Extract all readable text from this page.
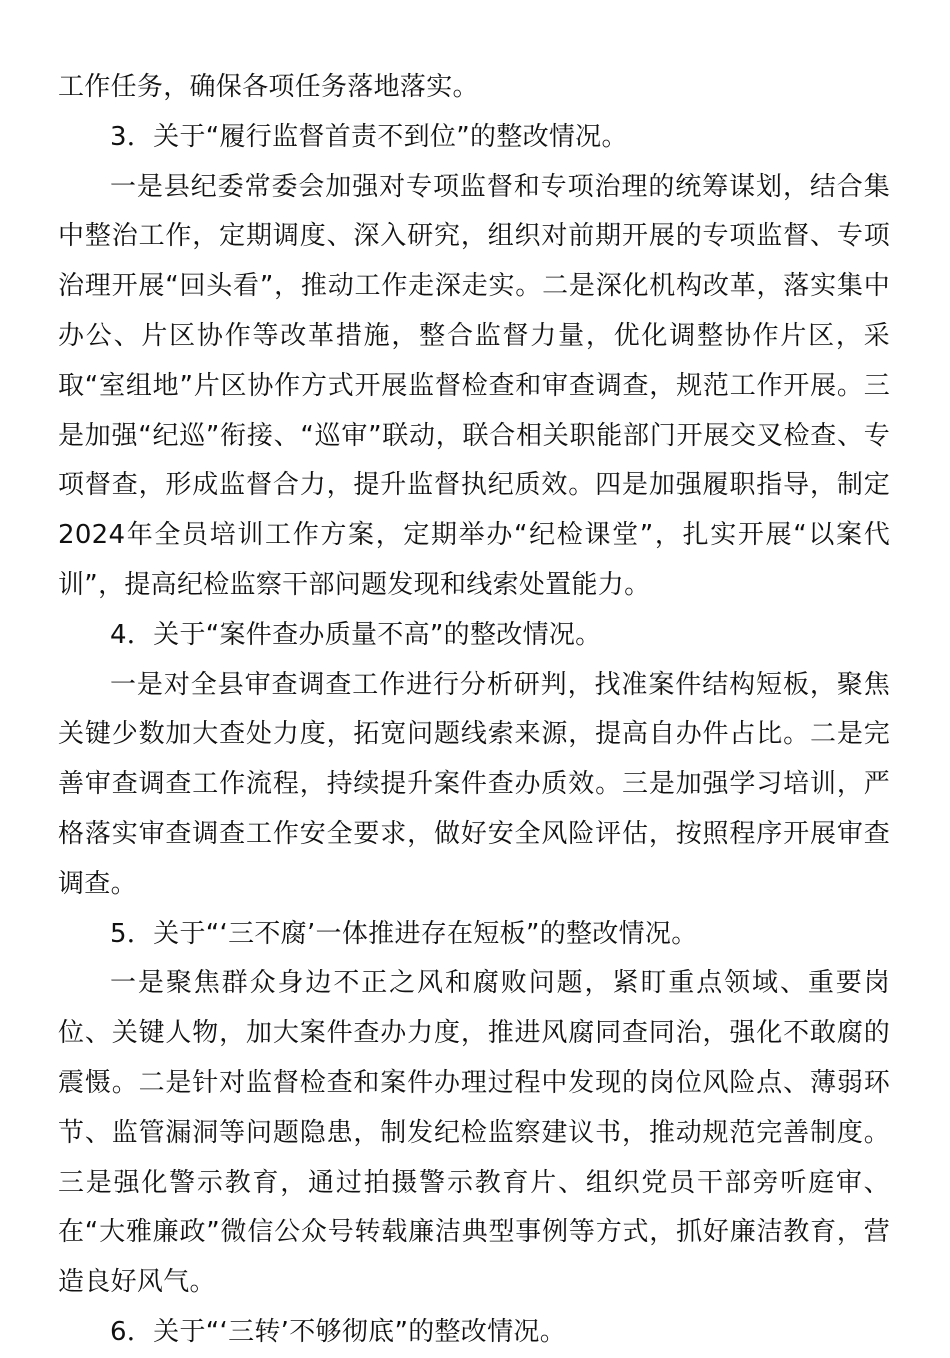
工作任务，确保各项任务落地落实。

3．关于“履行监督首责不到位”的整改情况。

一是县纪委常委会加强对专项监督和专项治理的统筹谋划，结合集中整治工作，定期调度、深入研究，组织对前期开展的专项监督、专项治理开展“回头看”，推动工作走深走实。二是深化机构改革，落实集中办公、片区协作等改革措施，整合监督力量，优化调整协作片区，采取“室组地”片区协作方式开展监督检查和审查调查，规范工作开展。三是加强“纪巡”衔接、“巡审”联动，联合相关职能部门开展交叉检查、专项督查，形成监督合力，提升监督执纪质效。四是加强履职指导，制定2024年全员培训工作方案，定期举办“纪检课堂”，扎实开展“以案代训”，提高纪检监察干部问题发现和线索处置能力。

4．关于“案件查办质量不高”的整改情况。

一是对全县审查调查工作进行分析研判，找准案件结构短板，聚焦关键少数加大查处力度，拓宽问题线索来源，提高自办件占比。二是完善审查调查工作流程，持续提升案件查办质效。三是加强学习培训，严格落实审查调查工作安全要求，做好安全风险评估，按照程序开展审查调查。

5．关于“‘三不腐’一体推进存在短板”的整改情况。

一是聚焦群众身边不正之风和腐败问题，紧盯重点领域、重要岗位、关键人物，加大案件查办力度，推进风腐同查同治，强化不敢腐的震慑。二是针对监督检查和案件办理过程中发现的岗位风险点、薄弱环节、监管漏洞等问题隐患，制发纪检监察建议书，推动规范完善制度。三是强化警示教育，通过拍摄警示教育片、组织党员干部旁听庭审、在“大雅廉政”微信公众号转载廉洁典型事例等方式，抓好廉洁教育，营造良好风气。

6．关于“‘三转’不够彻底”的整改情况。
